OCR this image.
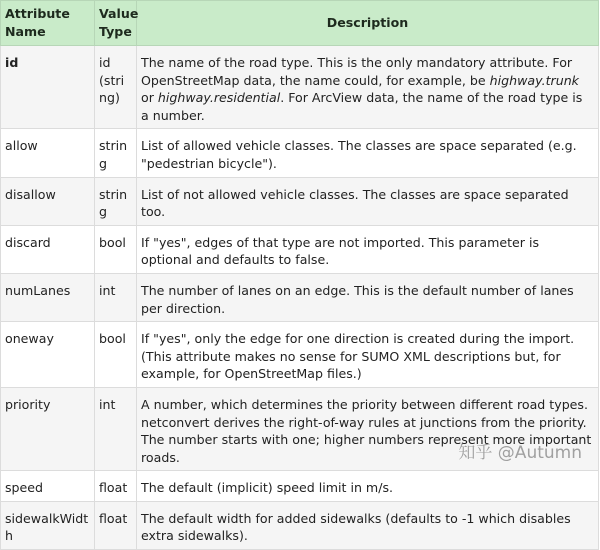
Attribute Name	Value Type	Description
id	id (string)	The name of the road type. This is the only mandatory attribute. For OpenStreetMap data, the name could, for example, be highway.trunk or highway.residential. For ArcView data, the name of the road type is a number.
allow	string	List of allowed vehicle classes. The classes are space separated (e.g. "pedestrian bicycle").
disallow	string	List of not allowed vehicle classes. The classes are space separated too.
discard	bool	If "yes", edges of that type are not imported. This parameter is optional and defaults to false.
numLanes	int	The number of lanes on an edge. This is the default number of lanes per direction.
oneway	bool	If "yes", only the edge for one direction is created during the import. (This attribute makes no sense for SUMO XML descriptions but, for example, for OpenStreetMap files.)
priority	int	A number, which determines the priority between different road types. netconvert derives the right-of-way rules at junctions from the priority. The number starts with one; higher numbers represent more important roads.
speed	float	The default (implicit) speed limit in m/s.
sidewalkWidth	float	The default width for added sidewalks (defaults to -1 which disables extra sidewalks).
知乎 @Autumn
